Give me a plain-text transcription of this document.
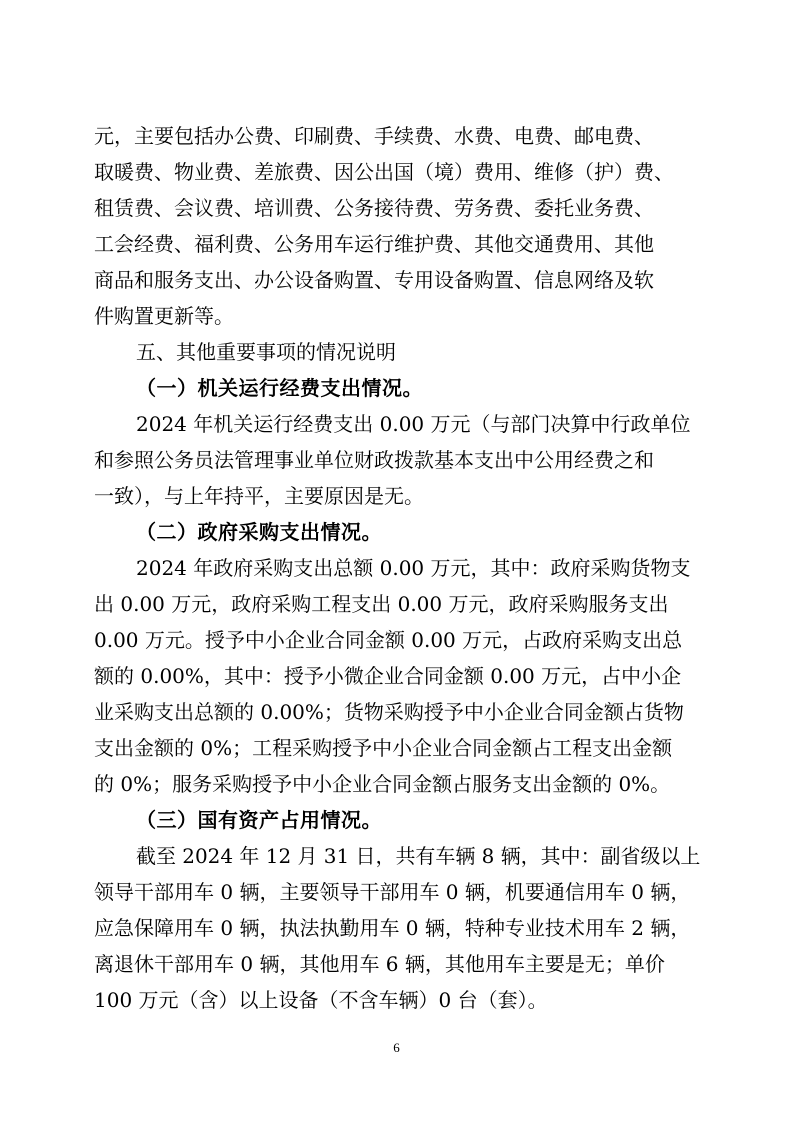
元，主要包括办公费、印刷费、手续费、水费、电费、邮电费、
取暖费、物业费、差旅费、因公出国（境）费用、维修（护）费、
租赁费、会议费、培训费、公务接待费、劳务费、委托业务费、
工会经费、福利费、公务用车运行维护费、其他交通费用、其他
商品和服务支出、办公设备购置、专用设备购置、信息网络及软
件购置更新等。
五、其他重要事项的情况说明
（一）机关运行经费支出情况。
2024 年机关运行经费支出 0.00 万元（与部门决算中行政单位
和参照公务员法管理事业单位财政拨款基本支出中公用经费之和
一致），与上年持平，主要原因是无。
（二）政府采购支出情况。
2024 年政府采购支出总额 0.00 万元，其中：政府采购货物支
出 0.00 万元，政府采购工程支出 0.00 万元，政府采购服务支出
0.00 万元。授予中小企业合同金额 0.00 万元，占政府采购支出总
额的 0.00%，其中：授予小微企业合同金额 0.00 万元，占中小企
业采购支出总额的 0.00%；货物采购授予中小企业合同金额占货物
支出金额的 0%；工程采购授予中小企业合同金额占工程支出金额
的 0%；服务采购授予中小企业合同金额占服务支出金额的 0%。
（三）国有资产占用情况。
截至 2024 年 12 月 31 日，共有车辆 8 辆，其中：副省级以上
领导干部用车 0 辆，主要领导干部用车 0 辆，机要通信用车 0 辆，
应急保障用车 0 辆，执法执勤用车 0 辆，特种专业技术用车 2 辆，
离退休干部用车 0 辆，其他用车 6 辆，其他用车主要是无；单价
100 万元（含）以上设备（不含车辆）0 台（套）。
6
